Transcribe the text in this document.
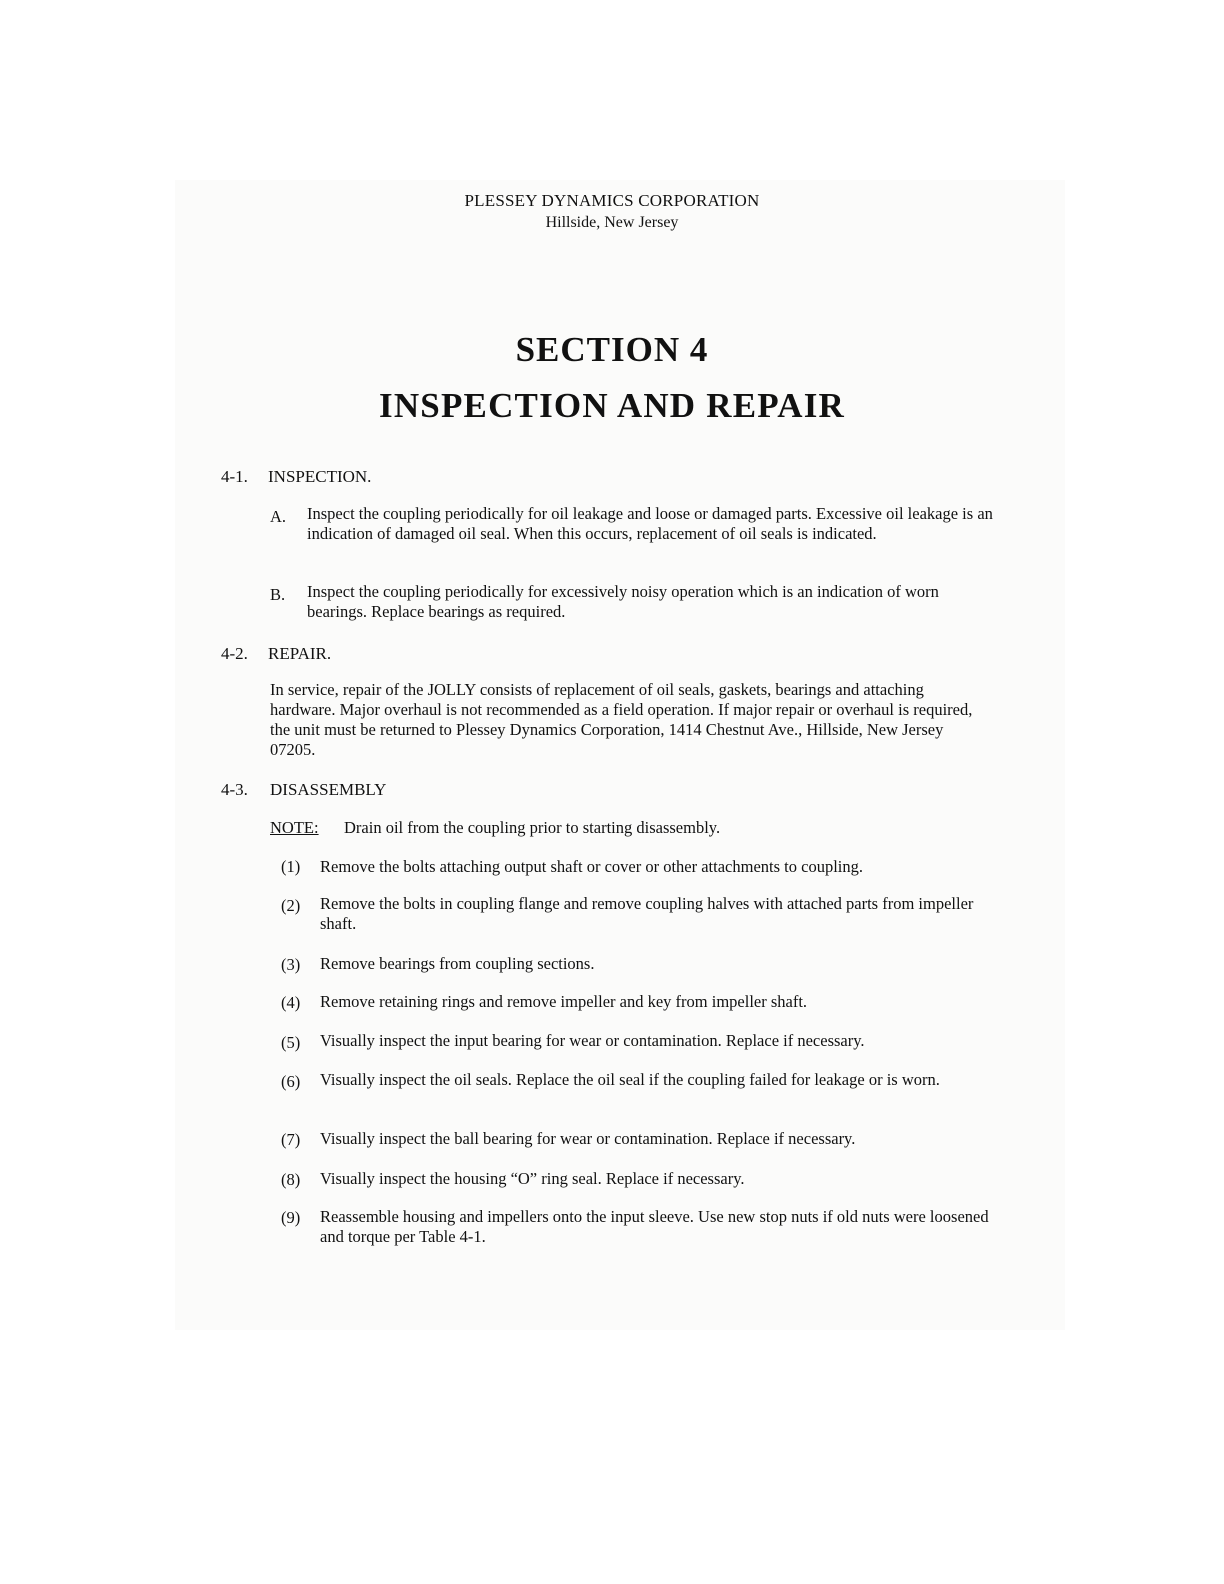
PLESSEY DYNAMICS CORPORATION
Hillside, New Jersey
SECTION 4
INSPECTION AND REPAIR
4-1. INSPECTION.
A. Inspect the coupling periodically for oil leakage and loose or damaged parts. Excessive oil leakage is an indication of damaged oil seal. When this occurs, replacement of oil seals is indicated.
B. Inspect the coupling periodically for excessively noisy operation which is an indication of worn bearings. Replace bearings as required.
4-2. REPAIR.
In service, repair of the JOLLY consists of replacement of oil seals, gaskets, bearings and attaching hardware. Major overhaul is not recommended as a field operation. If major repair or overhaul is required, the unit must be returned to Plessey Dynamics Corporation, 1414 Chestnut Ave., Hillside, New Jersey 07205.
4-3. DISASSEMBLY
NOTE: Drain oil from the coupling prior to starting disassembly.
(1) Remove the bolts attaching output shaft or cover or other attachments to coupling.
(2) Remove the bolts in coupling flange and remove coupling halves with attached parts from impeller shaft.
(3) Remove bearings from coupling sections.
(4) Remove retaining rings and remove impeller and key from impeller shaft.
(5) Visually inspect the input bearing for wear or contamination. Replace if necessary.
(6) Visually inspect the oil seals. Replace the oil seal if the coupling failed for leakage or is worn.
(7) Visually inspect the ball bearing for wear or contamination. Replace if necessary.
(8) Visually inspect the housing “O” ring seal. Replace if necessary.
(9) Reassemble housing and impellers onto the input sleeve. Use new stop nuts if old nuts were loosened and torque per Table 4-1.
